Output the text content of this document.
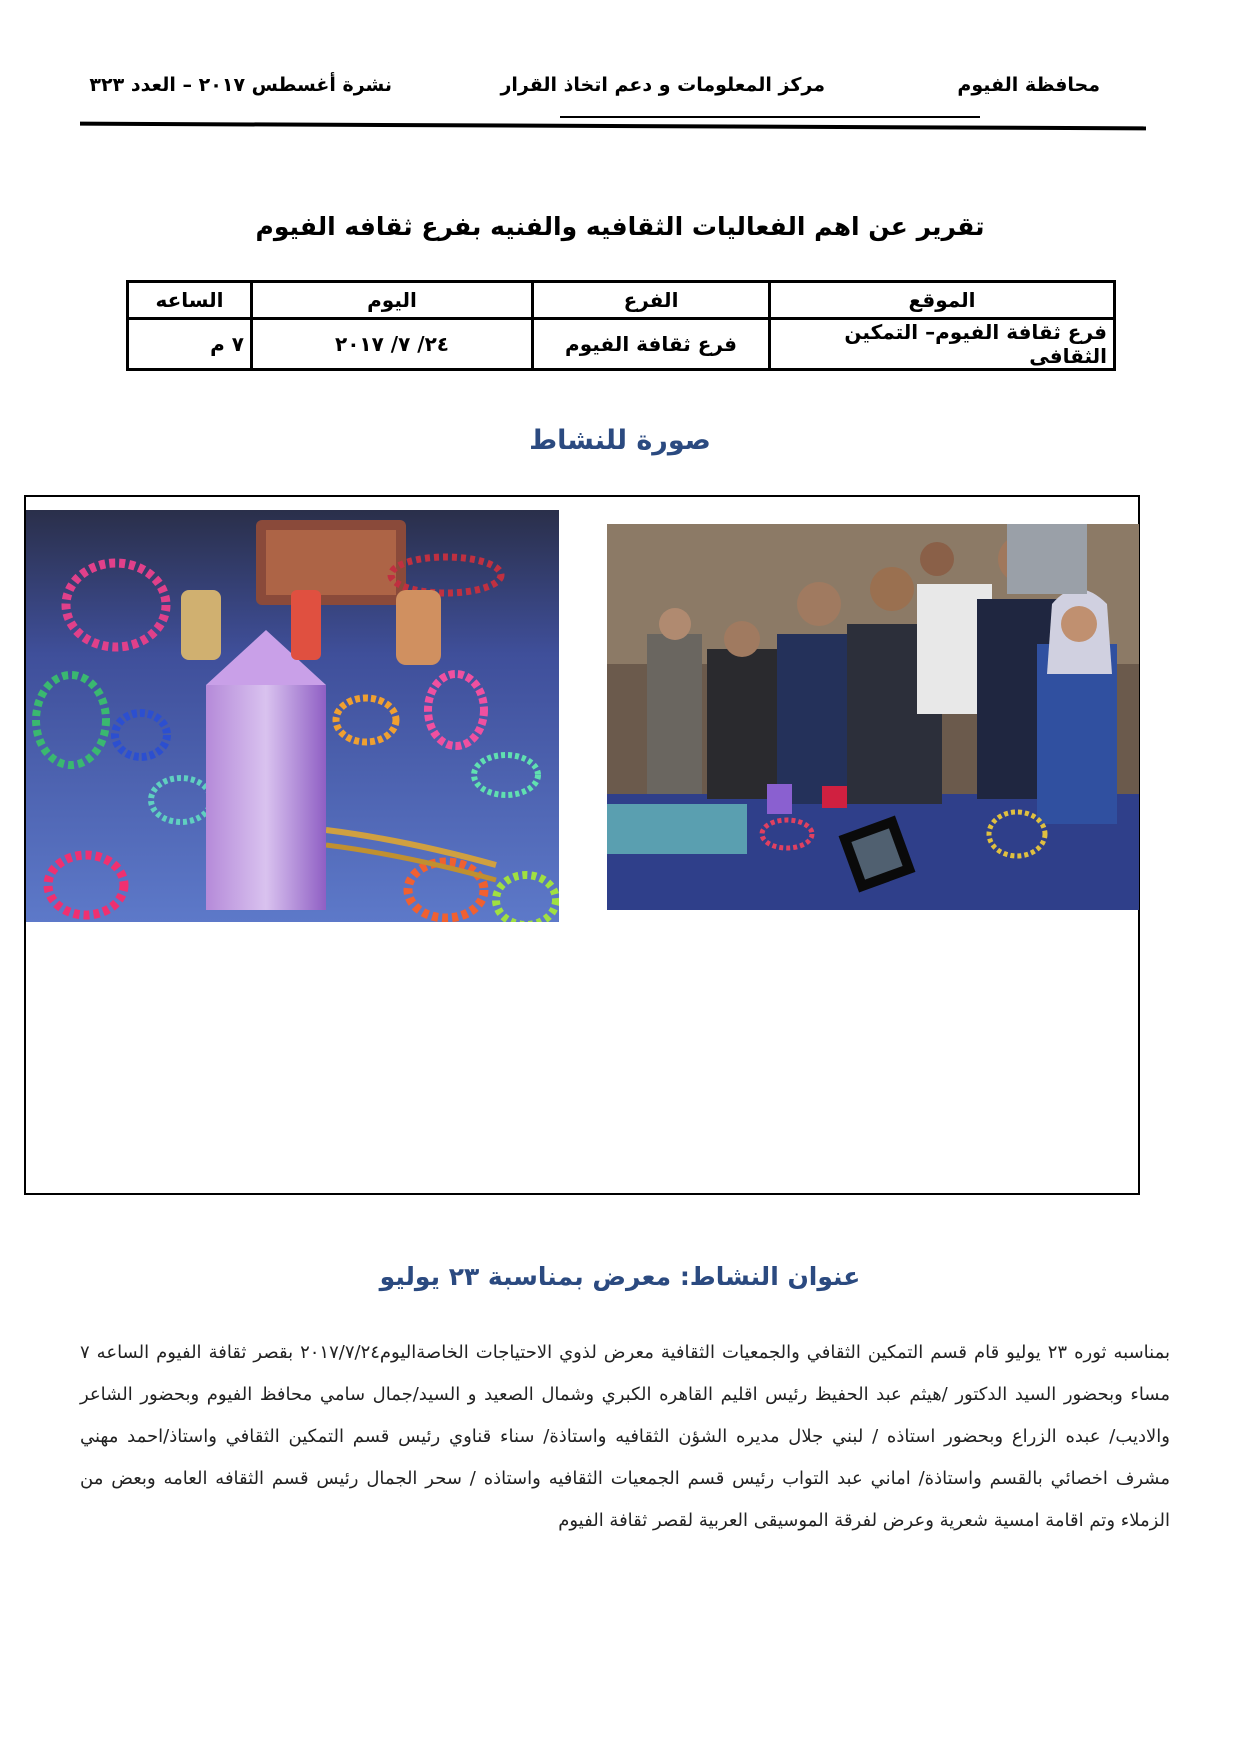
محافظة الفيوم
مركز المعلومات و دعم اتخاذ القرار
نشرة أغسطس ٢٠١٧ – العدد ٣٢٣
تقرير عن اهم الفعاليات الثقافيه والفنيه بفرع ثقافه الفيوم
الموقع	الفرع	اليوم	الساعه
فرع ثقافة الفيوم– التمكين الثقافى	فرع ثقافة الفيوم	٢٤/ ٧/ ٢٠١٧	٧ م
صورة للنشاط
عنوان النشاط: معرض بمناسبة ٢٣ يوليو
بمناسبه ثوره ٢٣ يوليو قام قسم التمكين الثقافي والجمعيات الثقافية معرض لذوي الاحتياجات الخاصةاليوم٢٠١٧/٧/٢٤ بقصر ثقافة الفيوم الساعه ٧ مساء وبحضور السيد الدكتور /هيثم عبد الحفيظ رئيس اقليم القاهره الكبري وشمال الصعيد و السيد/جمال سامي محافظ الفيوم وبحضور الشاعر والاديب/ عبده الزراع وبحضور استاذه / لبني جلال مديره الشؤن الثقافيه واستاذة/ سناء قناوي رئيس قسم التمكين الثقافي واستاذ/احمد مهني مشرف اخصائي بالقسم واستاذة/ اماني عبد التواب رئيس قسم الجمعيات الثقافيه واستاذه / سحر الجمال رئيس قسم الثقافه العامه وبعض من الزملاء وتم اقامة امسية شعرية وعرض لفرقة الموسيقى العربية لقصر ثقافة الفيوم
